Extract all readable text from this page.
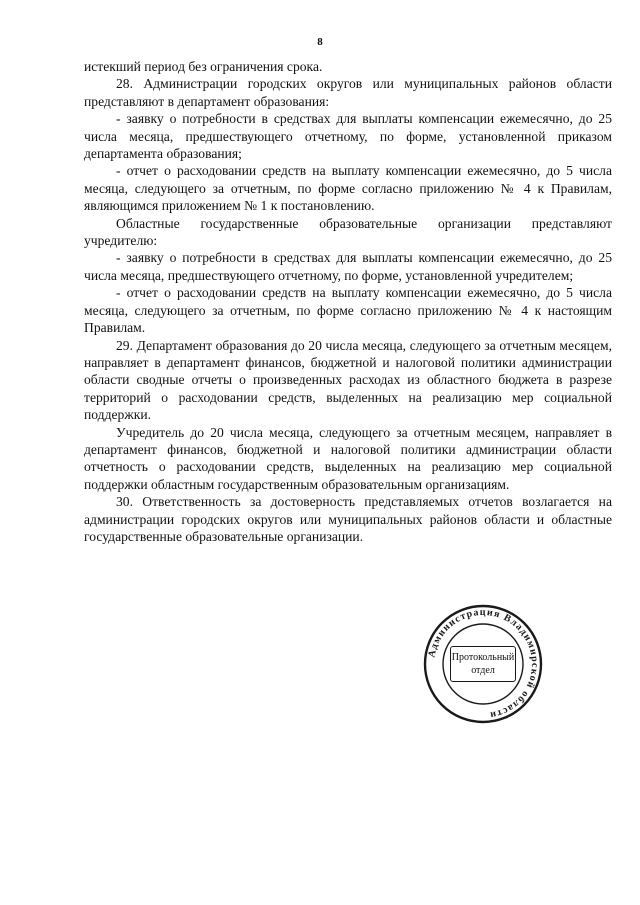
8

истекший период без ограничения срока.

28. Администрации городских округов или муниципальных районов области представляют в департамент образования:

- заявку о потребности в средствах для выплаты компенсации ежемесячно, до 25 числа месяца, предшествующего отчетному, по форме, установленной приказом департамента образования;

- отчет о расходовании средств на выплату компенсации ежемесячно, до 5 числа месяца, следующего за отчетным, по форме согласно приложению № 4 к Правилам, являющимся приложением № 1 к постановлению.

Областные государственные образовательные организации представляют учредителю:

- заявку о потребности в средствах для выплаты компенсации ежемесячно, до 25 числа месяца, предшествующего отчетному, по форме, установленной учредителем;

- отчет о расходовании средств на выплату компенсации ежемесячно, до 5 числа месяца, следующего за отчетным, по форме согласно приложению № 4 к настоящим Правилам.

29. Департамент образования до 20 числа месяца, следующего за отчетным месяцем, направляет в департамент финансов, бюджетной и налоговой политики администрации области сводные отчеты о произведенных расходах из областного бюджета в разрезе территорий о расходовании средств, выделенных на реализацию мер социальной поддержки.

Учредитель до 20 числа месяца, следующего за отчетным месяцем, направляет в департамент финансов, бюджетной и налоговой политики администрации области отчетность о расходовании средств, выделенных на реализацию мер социальной поддержки областным государственным образовательным организациям.

30. Ответственность за достоверность представляемых отчетов возлагается на администрации городских округов или муниципальных районов области и областные государственные образовательные организации.

Администрация Владимирской области
Протокольный
отдел
